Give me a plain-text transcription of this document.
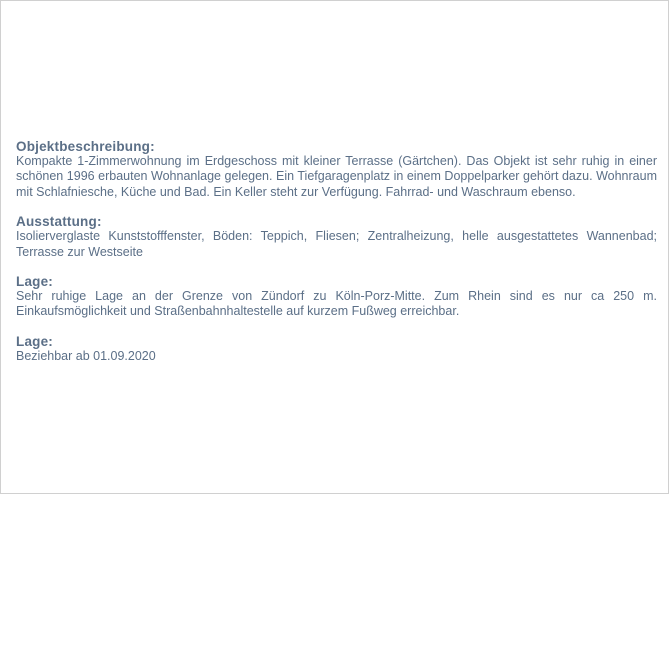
Objektbeschreibung:

Kompakte 1-Zimmerwohnung im Erdgeschoss mit kleiner Terrasse (Gärtchen). Das Objekt ist sehr ruhig in einer schönen 1996 erbauten Wohnanlage gelegen. Ein Tiefgaragenplatz in einem Doppelparker gehört dazu. Wohnraum mit Schlafniesche, Küche und Bad. Ein Keller steht zur Verfügung. Fahrrad- und Waschraum ebenso.

Ausstattung:

Isolierverglaste Kunststofffenster, Böden: Teppich, Fliesen; Zentralheizung, helle ausgestattetes Wannenbad; Terrasse zur Westseite

Lage:

Sehr ruhige Lage an der Grenze von Zündorf zu Köln-Porz-Mitte. Zum Rhein sind es nur ca 250 m. Einkaufsmöglichkeit und Straßenbahnhaltestelle auf kurzem Fußweg erreichbar.

Lage:

Beziehbar ab 01.09.2020
